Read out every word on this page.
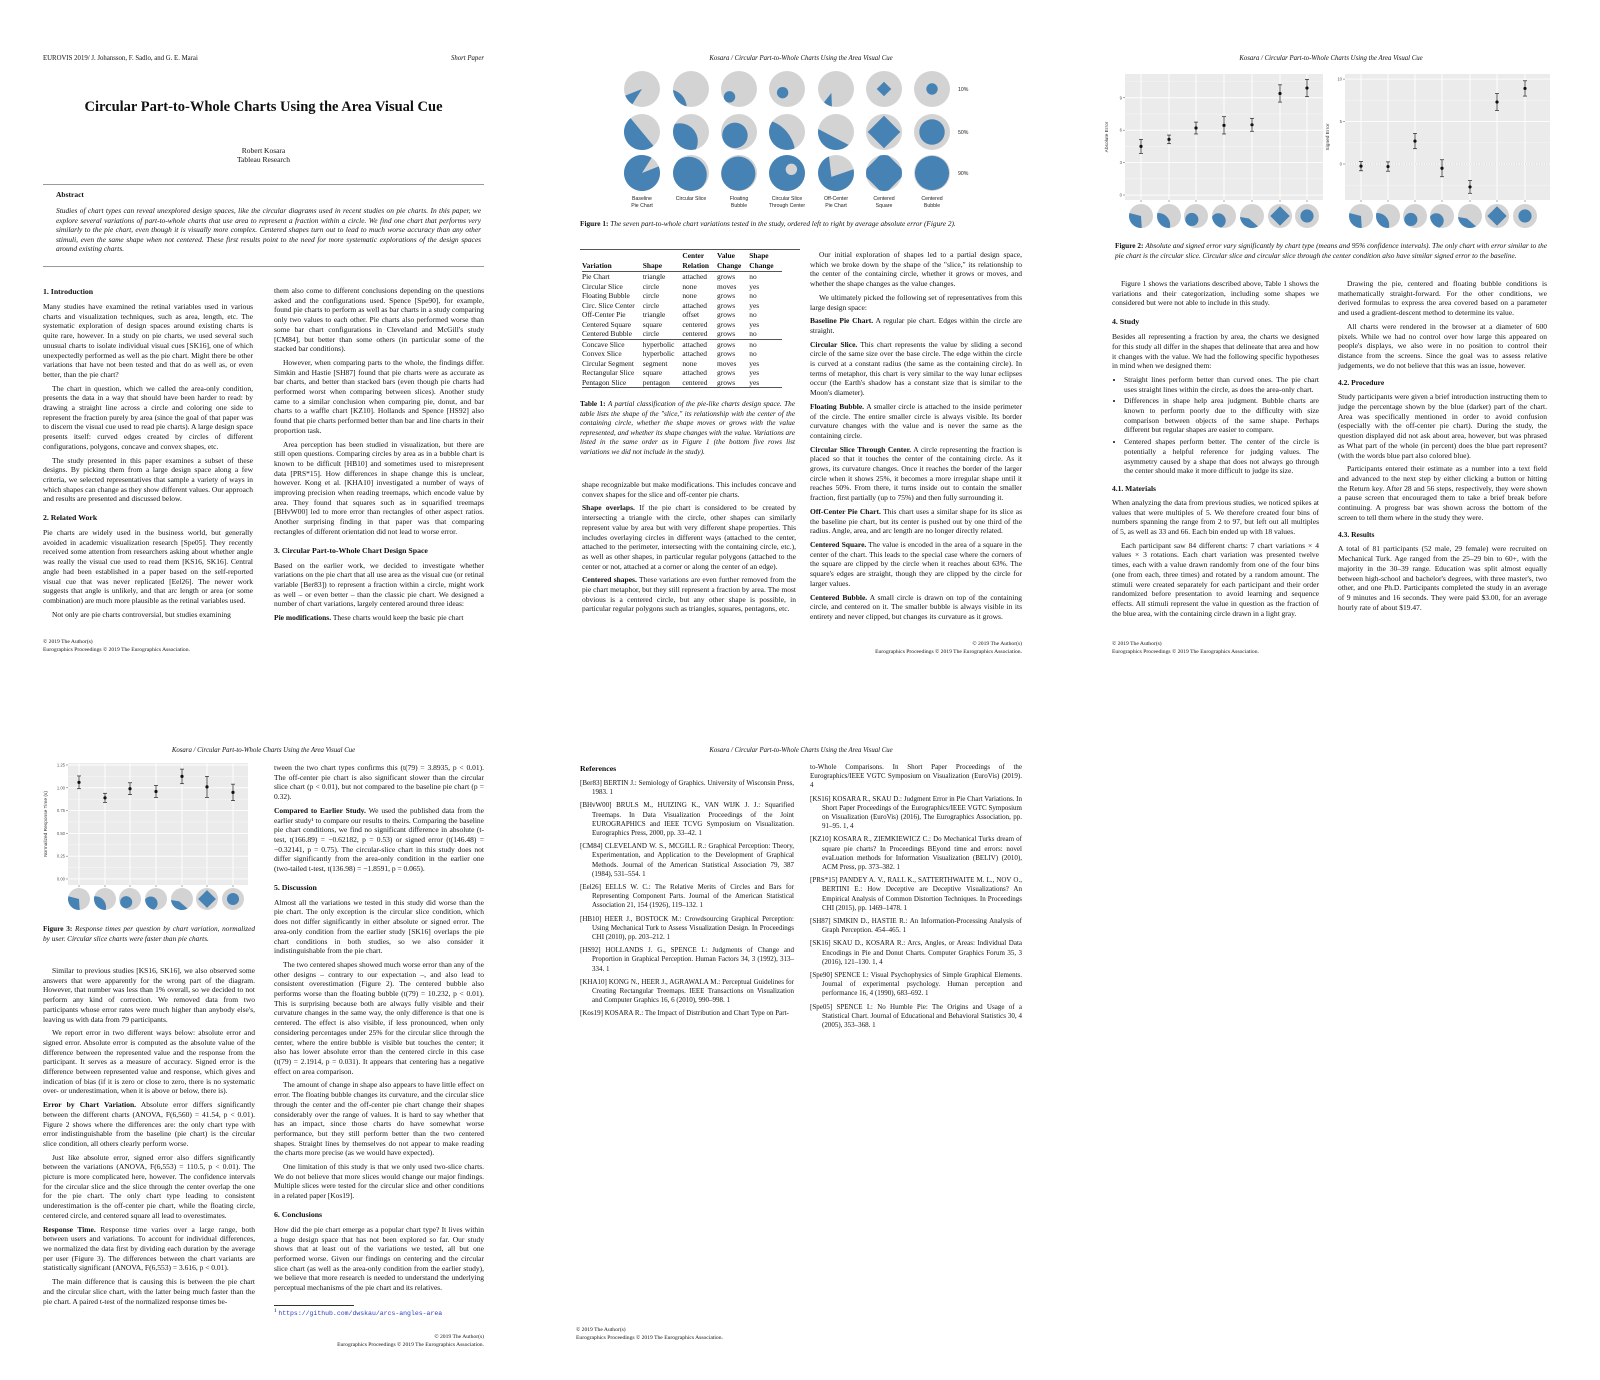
EUROVIS 2019/ J. Johansson, F. Sadlo, and G. E. Marai	Short Paper
Circular Part-to-Whole Charts Using the Area Visual Cue
Robert Kosara
Tableau Research
Abstract
Studies of chart types can reveal unexplored design spaces, like the circular diagrams used in recent studies on pie charts. In this paper, we explore several variations of part-to-whole charts that use area to represent a fraction within a circle. We find one chart that performs very similarly to the pie chart, even though it is visually more complex. Centered shapes turn out to lead to much worse accuracy than any other stimuli, even the same shape when not centered. These first results point to the need for more systematic explorations of the design spaces around existing charts.
1. Introduction

Many studies have examined the retinal variables used in various charts and visualization techniques, such as area, length, etc. The systematic exploration of design spaces around existing charts is quite rare, however. In a study on pie charts, we used several such unusual charts to isolate individual visual cues [SK16], one of which unexpectedly performed as well as the pie chart. Might there be other variations that have not been tested and that do as well as, or even better, than the pie chart?

The chart in question, which we called the area-only condition, presents the data in a way that should have been harder to read: by drawing a straight line across a circle and coloring one side to represent the fraction purely by area (since the goal of that paper was to discern the visual cue used to read pie charts). A large design space presents itself: curved edges created by circles of different configurations, polygons, concave and convex shapes, etc.

The study presented in this paper examines a subset of these designs. By picking them from a large design space along a few criteria, we selected representatives that sample a variety of ways in which shapes can change as they show different values. Our approach and results are presented and discussed below.

2. Related Work

Pie charts are widely used in the business world, but generally avoided in academic visualization research [Spe05]. They recently received some attention from researchers asking about whether angle was really the visual cue used to read them [KS16, SK16]. Central angle had been established in a paper based on the self-reported visual cue that was never replicated [Eel26]. The newer work suggests that angle is unlikely, and that arc length or area (or some combination) are much more plausible as the retinal variables used.

Not only are pie charts controversial, but studies examining

them also come to different conclusions depending on the questions asked and the configurations used. Spence [Spe90], for example, found pie charts to perform as well as bar charts in a study comparing only two values to each other. Pie charts also performed worse than some bar chart configurations in Cleveland and McGill's study [CM84], but better than some others (in particular some of the stacked bar conditions).

However, when comparing parts to the whole, the findings differ. Simkin and Hastie [SH87] found that pie charts were as accurate as bar charts, and better than stacked bars (even though pie charts had performed worst when comparing between slices). Another study came to a similar conclusion when comparing pie, donut, and bar charts to a waffle chart [KZ10]. Hollands and Spence [HS92] also found that pie charts performed better than bar and line charts in their proportion task.

Area perception has been studied in visualization, but there are still open questions. Comparing circles by area as in a bubble chart is known to be difficult [HB10] and sometimes used to misrepresent data [PRS*15]. How differences in shape change this is unclear, however. Kong et al. [KHA10] investigated a number of ways of improving precision when reading treemaps, which encode value by area. They found that squares such as in squarified treemaps [BHvW00] led to more error than rectangles of other aspect ratios. Another surprising finding in that paper was that comparing rectangles of different orientation did not lead to worse error.

3. Circular Part-to-Whole Chart Design Space

Based on the earlier work, we decided to investigate whether variations on the pie chart that all use area as the visual cue (or retinal variable [Ber83]) to represent a fraction within a circle, might work as well – or even better – than the classic pie chart. We designed a number of chart variations, largely centered around three ideas:

Pie modifications. These charts would keep the basic pie chart

© 2019 The Author(s)
Eurographics Proceedings © 2019 The Eurographics Association.
Kosara / Circular Part-to-Whole Charts Using the Area Visual Cue
Baseline
Pie Chart
Circular Slice	Floating
Bubble
Circular Slice
Through Center
Off-Center
Pie Chart
Centered
Square
Centered
Bubble
10%
50%
90%
Figure 1: The seven part-to-whole chart variations tested in the study, ordered left to right by average absolute error (Figure 2).
Variation	Shape	Center
Relation	Value
Change	Shape
Change
Pie Chart	triangle	attached	grows	no
Circular Slice	circle	none	moves	yes
Floating Bubble	circle	none	grows	no
Circ. Slice Center	circle	attached	grows	yes
Off-Center Pie	triangle	offset	grows	no
Centered Square	square	centered	grows	yes
Centered Bubble	circle	centered	grows	no
Concave Slice	hyperbolic	attached	grows	no
Convex Slice	hyperbolic	attached	grows	no
Circular Segment	segment	none	moves	yes
Rectangular Slice	square	attached	grows	yes
Pentagon Slice	pentagon	centered	grows	yes

Table 1: A partial classification of the pie-like charts design space. The table lists the shape of the "slice," its relationship with the center of the containing circle, whether the shape moves or grows with the value represented, and whether its shape changes with the value. Variations are listed in the same order as in Figure 1 (the bottom five rows list variations we did not include in the study).

shape recognizable but make modifications. This includes concave and convex shapes for the slice and off-center pie charts.

Shape overlaps. If the pie chart is considered to be created by intersecting a triangle with the circle, other shapes can similarly represent value by area but with very different shape properties. This includes overlaying circles in different ways (attached to the center, attached to the perimeter, intersecting with the containing circle, etc.), as well as other shapes, in particular regular polygons (attached to the center or not, attached at a corner or along the center of an edge).

Centered shapes. These variations are even further removed from the pie chart metaphor, but they still represent a fraction by area. The most obvious is a centered circle, but any other shape is possible, in particular regular polygons such as triangles, squares, pentagons, etc.

Our initial exploration of shapes led to a partial design space, which we broke down by the shape of the "slice," its relationship to the center of the containing circle, whether it grows or moves, and whether the shape changes as the value changes.

We ultimately picked the following set of representatives from this large design space:

Baseline Pie Chart. A regular pie chart. Edges within the circle are straight.

Circular Slice. This chart represents the value by sliding a second circle of the same size over the base circle. The edge within the circle is curved at a constant radius (the same as the containing circle). In terms of metaphor, this chart is very similar to the way lunar eclipses occur (the Earth's shadow has a constant size that is similar to the Moon's diameter).

Floating Bubble. A smaller circle is attached to the inside perimeter of the circle. The entire smaller circle is always visible. Its border curvature changes with the value and is never the same as the containing circle.

Circular Slice Through Center. A circle representing the fraction is placed so that it touches the center of the containing circle. As it grows, its curvature changes. Once it reaches the border of the larger circle when it shows 25%, it becomes a more irregular shape until it reaches 50%. From there, it turns inside out to contain the smaller fraction, first partially (up to 75%) and then fully surrounding it.

Off-Center Pie Chart. This chart uses a similar shape for its slice as the baseline pie chart, but its center is pushed out by one third of the radius. Angle, area, and arc length are no longer directly related.

Centered Square. The value is encoded in the area of a square in the center of the chart. This leads to the special case where the corners of the square are clipped by the circle when it reaches about 63%. The square's edges are straight, though they are clipped by the circle for larger values.

Centered Bubble. A small circle is drawn on top of the containing circle, and centered on it. The smaller bubble is always visible in its entirety and never clipped, but changes its curvature as it grows.

© 2019 The Author(s)
Eurographics Proceedings © 2019 The Eurographics Association.
Kosara / Circular Part-to-Whole Charts Using the Area Visual Cue
0
3
6
9
Absolute Error
0
5
10
Signed Error
Figure 2: Absolute and signed error vary significantly by chart type (means and 95% confidence intervals). The only chart with error similar to the pie chart is the circular slice. Circular slice and circular slice through the center condition also have similar signed error to the baseline.

Figure 1 shows the variations described above, Table 1 shows the variations and their categorization, including some shapes we considered but were not able to include in this study.

4. Study

Besides all representing a fraction by area, the charts we designed for this study all differ in the shapes that delineate that area and how it changes with the value. We had the following specific hypotheses in mind when we designed them:

• Straight lines perform better than curved ones. The pie chart uses straight lines within the circle, as does the area-only chart.
• Differences in shape help area judgment. Bubble charts are known to perform poorly due to the difficulty with size comparison between objects of the same shape. Perhaps different but regular shapes are easier to compare.
• Centered shapes perform better. The center of the circle is potentially a helpful reference for judging values. The asymmetry caused by a shape that does not always go through the center should make it more difficult to judge its size.
4.1. Materials

When analyzing the data from previous studies, we noticed spikes at values that were multiples of 5. We therefore created four bins of numbers spanning the range from 2 to 97, but left out all multiples of 5, as well as 33 and 66. Each bin ended up with 18 values.

Each participant saw 84 different charts: 7 chart variations × 4 values × 3 rotations. Each chart variation was presented twelve times, each with a value drawn randomly from one of the four bins (one from each, three times) and rotated by a random amount. The stimuli were created separately for each participant and their order randomized before presentation to avoid learning and sequence effects. All stimuli represent the value in question as the fraction of the blue area, with the containing circle drawn in a light gray.

Drawing the pie, centered and floating bubble conditions is mathematically straight-forward. For the other conditions, we derived formulas to express the area covered based on a parameter and used a gradient-descent method to determine its value.

All charts were rendered in the browser at a diameter of 600 pixels. While we had no control over how large this appeared on people's displays, we also were in no position to control their distance from the screens. Since the goal was to assess relative judgements, we do not believe that this was an issue, however.

4.2. Procedure

Study participants were given a brief introduction instructing them to judge the percentage shown by the blue (darker) part of the chart. Area was specifically mentioned in order to avoid confusion (especially with the off-center pie chart). During the study, the question displayed did not ask about area, however, but was phrased as What part of the whole (in percent) does the blue part represent? (with the words blue part also colored blue).

Participants entered their estimate as a number into a text field and advanced to the next step by either clicking a button or hitting the Return key. After 28 and 56 steps, respectively, they were shown a pause screen that encouraged them to take a brief break before continuing. A progress bar was shown across the bottom of the screen to tell them where in the study they were.

4.3. Results

A total of 81 participants (52 male, 29 female) were recruited on Mechanical Turk. Age ranged from the 25–29 bin to 60+, with the majority in the 30–39 range. Education was split almost equally between high-school and bachelor's degrees, with three master's, two other, and one Ph.D. Participants completed the study in an average of 9 minutes and 16 seconds. They were paid $3.00, for an average hourly rate of about $19.47.

© 2019 The Author(s)
Eurographics Proceedings © 2019 The Eurographics Association.
Kosara / Circular Part-to-Whole Charts Using the Area Visual Cue
0.00
0.25
0.50
0.75
1.00
1.25
Normalized Response Time (s)
Figure 3: Response times per question by chart variation, normalized by user. Circular slice charts were faster than pie charts.

Similar to previous studies [KS16, SK16], we also observed some answers that were apparently for the wrong part of the diagram. However, that number was less than 1% overall, so we decided to not perform any kind of correction. We removed data from two participants whose error rates were much higher than anybody else's, leaving us with data from 79 participants.

We report error in two different ways below: absolute error and signed error. Absolute error is computed as the absolute value of the difference between the represented value and the response from the participant. It serves as a measure of accuracy. Signed error is the difference between represented value and response, which gives and indication of bias (if it is zero or close to zero, there is no systematic over- or underestimation, when it is above or below, there is).

Error by Chart Variation. Absolute error differs significantly between the different charts (ANOVA, F(6,560) = 41.54, p < 0.01). Figure 2 shows where the differences are: the only chart type with error indistinguishable from the baseline (pie chart) is the circular slice condition, all others clearly perform worse.

Just like absolute error, signed error also differs significantly between the variations (ANOVA, F(6,553) = 110.5, p < 0.01). The picture is more complicated here, however. The confidence intervals for the circular slice and the slice through the center overlap the one for the pie chart. The only chart type leading to consistent underestimation is the off-center pie chart, while the floating circle, centered circle, and centered square all lead to overestimates.

Response Time. Response time varies over a large range, both between users and variations. To account for individual differences, we normalized the data first by dividing each duration by the average per user (Figure 3). The differences between the chart variants are statistically significant (ANOVA, F(6,553) = 3.616, p < 0.01).

The main difference that is causing this is between the pie chart and the circular slice chart, with the latter being much faster than the pie chart. A paired t-test of the normalized response times be-

tween the two chart types confirms this (t(79) = 3.8935, p < 0.01). The off-center pie chart is also significant slower than the circular slice chart (p < 0.01), but not compared to the baseline pie chart (p = 0.32).

Compared to Earlier Study. We used the published data from the earlier study¹ to compare our results to theirs. Comparing the baseline pie chart conditions, we find no significant difference in absolute (t-test, t(166.89) = −0.62182, p = 0.53) or signed error (t(146.48) = −0.32141, p = 0.75). The circular-slice chart in this study does not differ significantly from the area-only condition in the earlier one (two-tailed t-test, t(136.98) = −1.8591, p = 0.065).

5. Discussion

Almost all the variations we tested in this study did worse than the pie chart. The only exception is the circular slice condition, which does not differ significantly in either absolute or signed error. The area-only condition from the earlier study [SK16] overlaps the pie chart conditions in both studies, so we also consider it indistinguishable from the pie chart.

The two centered shapes showed much worse error than any of the other designs – contrary to our expectation –, and also lead to consistent overestimation (Figure 2). The centered bubble also performs worse than the floating bubble (t(79) = 10.232, p < 0.01). This is surprising because both are always fully visible and their curvature changes in the same way, the only difference is that one is centered. The effect is also visible, if less pronounced, when only considering percentages under 25% for the circular slice through the center, where the entire bubble is visible but touches the center; it also has lower absolute error than the centered circle in this case (t(79) = 2.1914, p = 0.031). It appears that centering has a negative effect on area comparison.

The amount of change in shape also appears to have little effect on error. The floating bubble changes its curvature, and the circular slice through the center and the off-center pie chart change their shapes considerably over the range of values. It is hard to say whether that has an impact, since those charts do have somewhat worse performance, but they still perform better than the two centered shapes. Straight lines by themselves do not appear to make reading the charts more precise (as we would have expected).

One limitation of this study is that we only used two-slice charts. We do not believe that more slices would change our major findings. Multiple slices were tested for the circular slice and other conditions in a related paper [Kos19].

6. Conclusions

How did the pie chart emerge as a popular chart type? It lives within a huge design space that has not been explored so far. Our study shows that at least out of the variations we tested, all but one performed worse. Given our findings on centering and the circular slice chart (as well as the area-only condition from the earlier study), we believe that more research is needed to understand the underlying perceptual mechanisms of the pie chart and its relatives.

$^1$ https://github.com/dwskau/arcs-angles-area
© 2019 The Author(s)
Eurographics Proceedings © 2019 The Eurographics Association.
Kosara / Circular Part-to-Whole Charts Using the Area Visual Cue
References

[Ber83] BERTIN J.: Semiology of Graphics. University of Wisconsin Press, 1983. 1

[BHvW00] BRULS M., HUIZING K., VAN WIJK J. J.: Squarified Treemaps. In Data Visualization Proceedings of the Joint EUROGRAPHICS and IEEE TCVG Symposium on Visualization. Eurographics Press, 2000, pp. 33–42. 1

[CM84] CLEVELAND W. S., MCGILL R.: Graphical Perception: Theory, Experimentation, and Application to the Development of Graphical Methods. Journal of the American Statistical Association 79, 387 (1984), 531–554. 1

[Eel26] EELLS W. C.: The Relative Merits of Circles and Bars for Representing Component Parts. Journal of the American Statistical Association 21, 154 (1926), 119–132. 1

[HB10] HEER J., BOSTOCK M.: Crowdsourcing Graphical Perception: Using Mechanical Turk to Assess Visualization Design. In Proceedings CHI (2010), pp. 203–212. 1

[HS92] HOLLANDS J. G., SPENCE I.: Judgments of Change and Proportion in Graphical Perception. Human Factors 34, 3 (1992), 313–334. 1

[KHA10] KONG N., HEER J., AGRAWALA M.: Perceptual Guidelines for Creating Rectangular Treemaps. IEEE Transactions on Visualization and Computer Graphics 16, 6 (2010), 990–998. 1

[Kos19] KOSARA R.: The Impact of Distribution and Chart Type on Part-

to-Whole Comparisons. In Short Paper Proceedings of the Eurographics/IEEE VGTC Symposium on Visualization (EuroVis) (2019). 4

[KS16] KOSARA R., SKAU D.: Judgment Error in Pie Chart Variations. In Short Paper Proceedings of the Eurographics/IEEE VGTC Symposium on Visualization (EuroVis) (2016), The Eurographics Association, pp. 91–95. 1, 4

[KZ10] KOSARA R., ZIEMKIEWICZ C.: Do Mechanical Turks dream of square pie charts? In Proceedings BEyond time and errors: novel evaLuation methods for Information Visualization (BELIV) (2010), ACM Press, pp. 373–382. 1

[PRS*15] PANDEY A. V., RALL K., SATTERTHWAITE M. L., NOV O., BERTINI E.: How Deceptive are Deceptive Visualizations? An Empirical Analysis of Common Distortion Techniques. In Proceedings CHI (2015), pp. 1469–1478. 1

[SH87] SIMKIN D., HASTIE R.: An Information-Processing Analysis of Graph Perception. 454–465. 1

[SK16] SKAU D., KOSARA R.: Arcs, Angles, or Areas: Individual Data Encodings in Pie and Donut Charts. Computer Graphics Forum 35, 3 (2016), 121–130. 1, 4

[Spe90] SPENCE I.: Visual Psychophysics of Simple Graphical Elements. Journal of experimental psychology. Human perception and performance 16, 4 (1990), 683–692. 1

[Spe05] SPENCE I.: No Humble Pie: The Origins and Usage of a Statistical Chart. Journal of Educational and Behavioral Statistics 30, 4 (2005), 353–368. 1

© 2019 The Author(s)
Eurographics Proceedings © 2019 The Eurographics Association.
